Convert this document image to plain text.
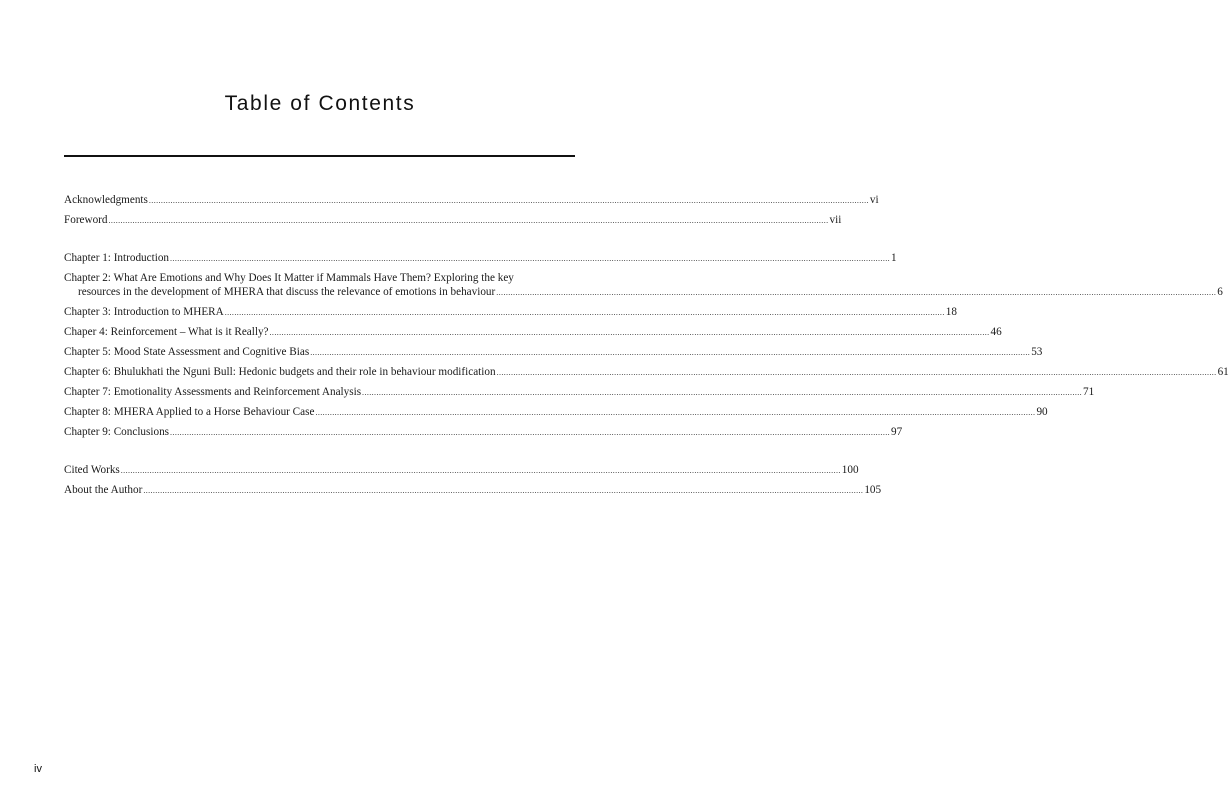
Table of Contents
Acknowledgments ............................................................................................................................................................................................................................................................................................................ vi
Foreword ............................................................................................................................................................................................................................................................................................................ vii
Chapter 1: Introduction ............................................................................................................................................................................................................................................................................................................ 1
Chapter 2: What Are Emotions and Why Does It Matter if Mammals Have Them? Exploring the key
resources in the development of MHERA that discuss the relevance of emotions in behaviour ............................................................................................................................................................................................................................................................................................................ 6
Chapter 3: Introduction to MHERA ............................................................................................................................................................................................................................................................................................................ 18
Chaper 4: Reinforcement – What is it Really? ............................................................................................................................................................................................................................................................................................................ 46
Chapter 5: Mood State Assessment and Cognitive Bias ............................................................................................................................................................................................................................................................................................................ 53
Chapter 6: Bhulukhati the Nguni Bull: Hedonic budgets and their role in behaviour modification ............................................................................................................................................................................................................................................................................................................ 61
Chapter 7: Emotionality Assessments and Reinforcement Analysis ............................................................................................................................................................................................................................................................................................................ 71
Chapter 8: MHERA Applied to a Horse Behaviour Case ............................................................................................................................................................................................................................................................................................................ 90
Chapter 9: Conclusions ............................................................................................................................................................................................................................................................................................................ 97
Cited Works ............................................................................................................................................................................................................................................................................................................ 100
About the Author ............................................................................................................................................................................................................................................................................................................ 105
iv
